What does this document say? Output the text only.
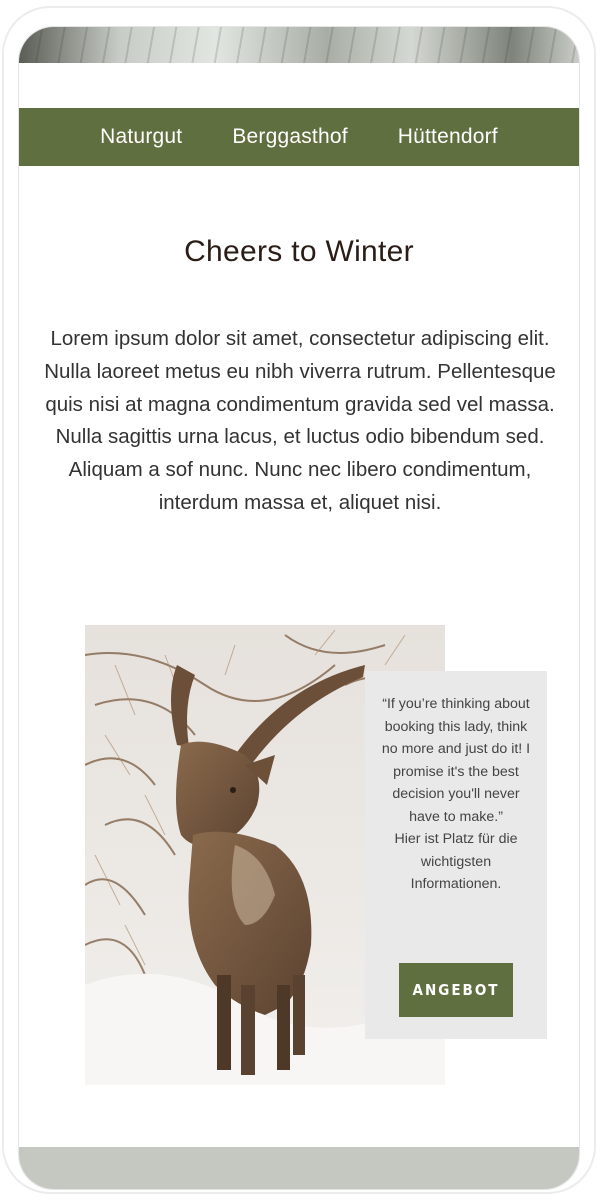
Naturgut Berggasthof Hüttendorf
Cheers to Winter

Lorem ipsum dolor sit amet, consectetur adipiscing elit. Nulla laoreet metus eu nibh viverra rutrum. Pellentesque quis nisi at magna condimentum gravida sed vel massa. Nulla sagittis urna lacus, et luctus odio bibendum sed. Aliquam a sof nunc. Nunc nec libero condimentum, interdum massa et, aliquet nisi.

“If you’re thinking about booking this lady, think no more and just do it! I promise it's the best decision you'll never have to make.”
Hier ist Platz für die wichtigsten Informationen.
ANGEBOT
